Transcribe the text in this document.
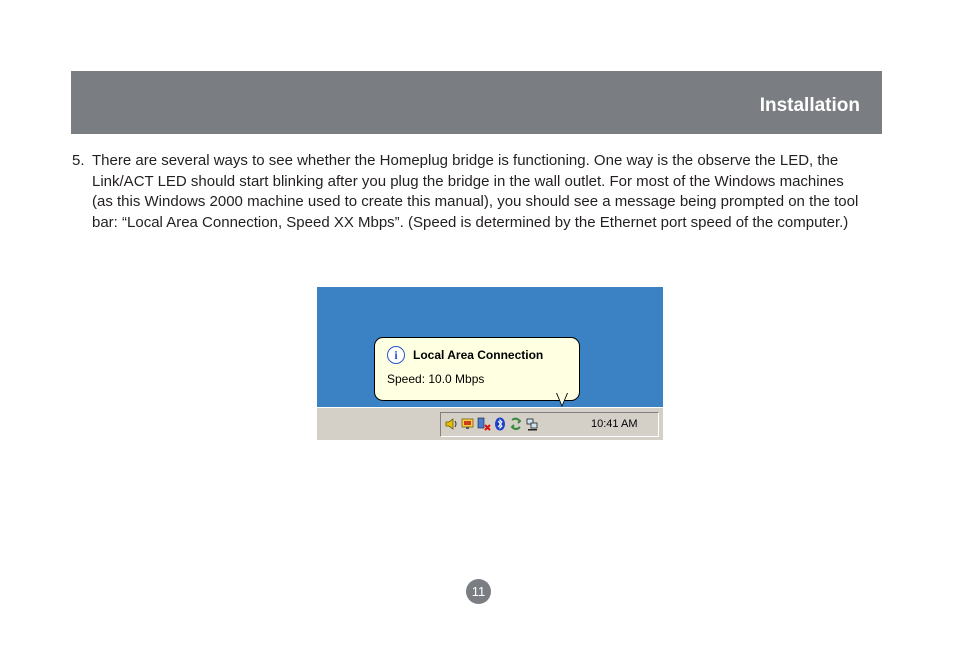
Installation
5. There are several ways to see whether the Homeplug bridge is functioning. One way is the observe the LED, the Link/ACT LED should start blinking after you plug the bridge in the wall outlet. For most of the Windows machines (as this Windows 2000 machine used to create this manual), you should see a message being prompted on the tool bar: “Local Area Connection, Speed XX Mbps”. (Speed is determined by the Ethernet port speed of the computer.)
i	Local Area Connection
Speed: 10.0 Mbps
10:41 AM
11
